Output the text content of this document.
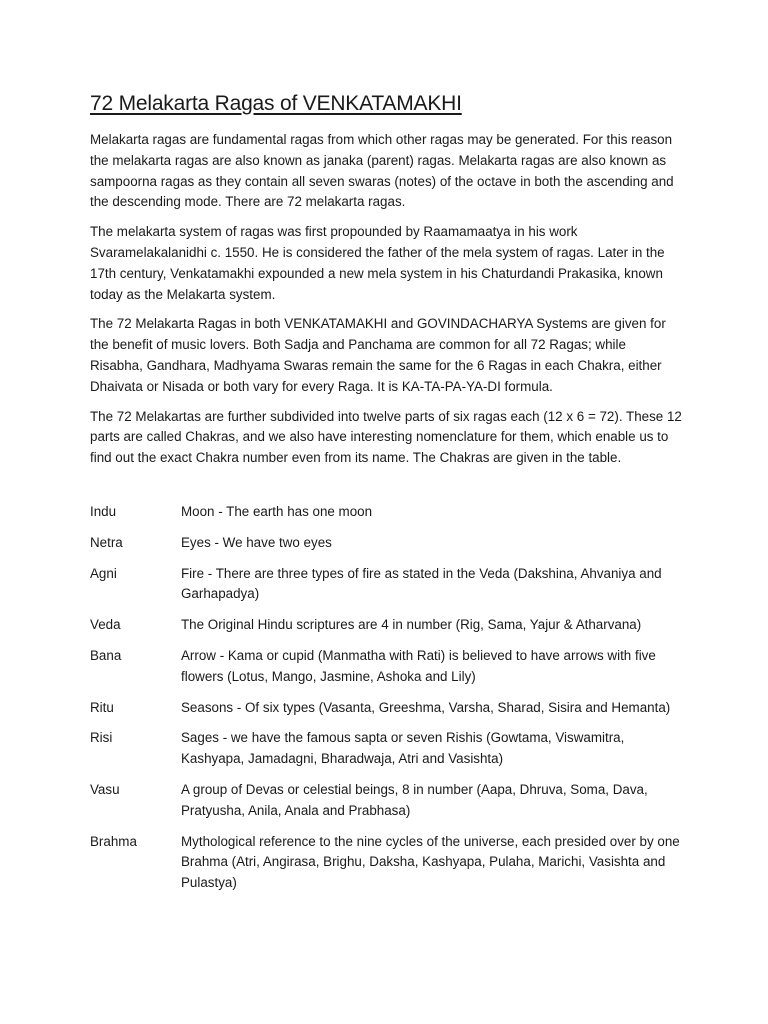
72 Melakarta Ragas of VENKATAMAKHI

Melakarta ragas are fundamental ragas from which other ragas may be generated. For this reason the melakarta ragas are also known as janaka (parent) ragas. Melakarta ragas are also known as sampoorna ragas as they contain all seven swaras (notes) of the octave in both the ascending and the descending mode. There are 72 melakarta ragas.

The melakarta system of ragas was first propounded by Raamamaatya in his work Svaramelakalanidhi c. 1550. He is considered the father of the mela system of ragas. Later in the 17th century, Venkatamakhi expounded a new mela system in his Chaturdandi Prakasika, known today as the Melakarta system.

The 72 Melakarta Ragas in both VENKATAMAKHI and GOVINDACHARYA Systems are given for the benefit of music lovers. Both Sadja and Panchama are common for all 72 Ragas; while Risabha, Gandhara, Madhyama Swaras remain the same for the 6 Ragas in each Chakra, either Dhaivata or Nisada or both vary for every Raga. It is KA-TA-PA-YA-DI formula.

The 72 Melakartas are further subdivided into twelve parts of six ragas each (12 x 6 = 72). These 12 parts are called Chakras, and we also have interesting nomenclature for them, which enable us to find out the exact Chakra number even from its name. The Chakras are given in the table.

Indu	Moon - The earth has one moon
Netra	Eyes - We have two eyes
Agni	Fire - There are three types of fire as stated in the Veda (Dakshina, Ahvaniya and Garhapadya)
Veda	The Original Hindu scriptures are 4 in number (Rig, Sama, Yajur & Atharvana)
Bana	Arrow - Kama or cupid (Manmatha with Rati) is believed to have arrows with five flowers (Lotus, Mango, Jasmine, Ashoka and Lily)
Ritu	Seasons - Of six types (Vasanta, Greeshma, Varsha, Sharad, Sisira and Hemanta)
Risi	Sages - we have the famous sapta or seven Rishis (Gowtama, Viswamitra, Kashyapa, Jamadagni, Bharadwaja, Atri and Vasishta)
Vasu	A group of Devas or celestial beings, 8 in number (Aapa, Dhruva, Soma, Dava, Pratyusha, Anila, Anala and Prabhasa)
Brahma	Mythological reference to the nine cycles of the universe, each presided over by one Brahma (Atri, Angirasa, Brighu, Daksha, Kashyapa, Pulaha, Marichi, Vasishta and Pulastya)
